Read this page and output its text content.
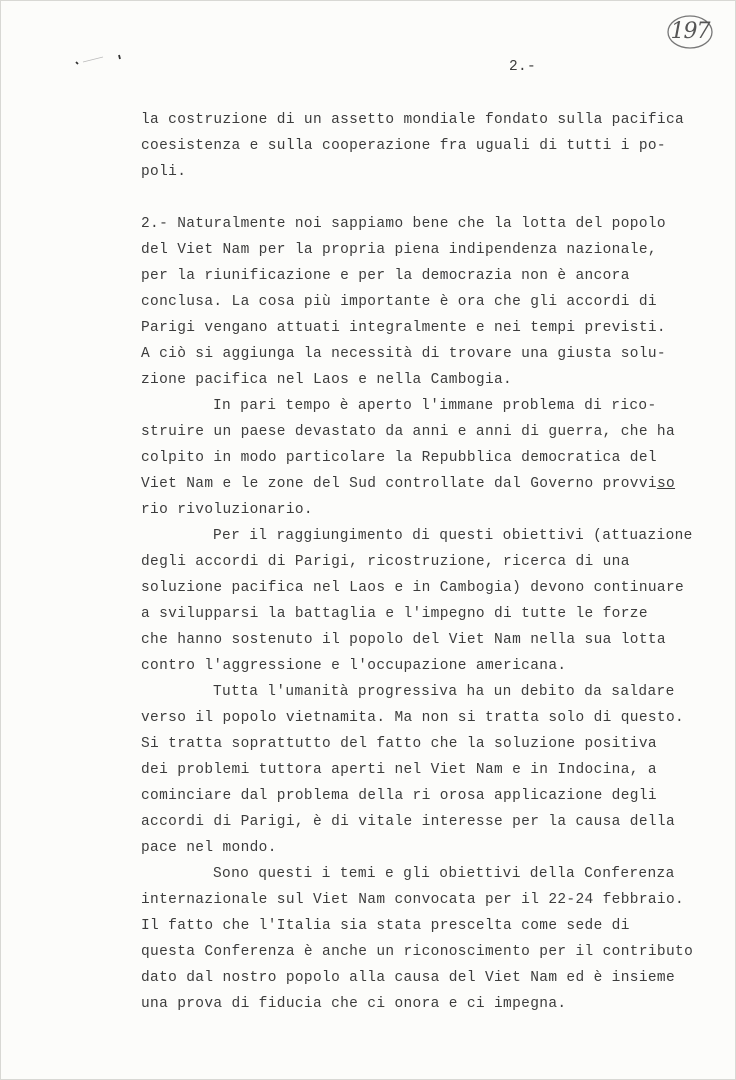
197
2.-
la costruzione di un assetto mondiale fondato sulla pacifica
coesistenza e sulla cooperazione fra uguali di tutti i po-
poli.
2.- Naturalmente noi sappiamo bene che la lotta del popolo
del Viet Nam per la propria piena indipendenza nazionale,
per la riunificazione e per la democrazia non è ancora
conclusa. La cosa più importante è ora che gli accordi di
Parigi vengano attuati integralmente e nei tempi previsti.
A ciò si aggiunga la necessità di trovare una giusta solu-
zione pacifica nel Laos e nella Cambogia.
In pari tempo è aperto l'immane problema di rico-
struire un paese devastato da anni e anni di guerra, che ha
colpito in modo particolare la Repubblica democratica del
Viet Nam e le zone del Sud controllate dal Governo provviso
rio rivoluzionario.
Per il raggiungimento di questi obiettivi (attuazione
degli accordi di Parigi, ricostruzione, ricerca di una
soluzione pacifica nel Laos e in Cambogia) devono continuare
a svilupparsi la battaglia e l'impegno di tutte le forze
che hanno sostenuto il popolo del Viet Nam nella sua lotta
contro l'aggressione e l'occupazione americana.
Tutta l'umanità progressiva ha un debito da saldare
verso il popolo vietnamita. Ma non si tratta solo di questo.
Si tratta soprattutto del fatto che la soluzione positiva
dei problemi tuttora aperti nel Viet Nam e in Indocina, a
cominciare dal problema della ri orosa applicazione degli
accordi di Parigi, è di vitale interesse per la causa della
pace nel mondo.
Sono questi i temi e gli obiettivi della Conferenza
internazionale sul Viet Nam convocata per il 22-24 febbraio.
Il fatto che l'Italia sia stata prescelta come sede di
questa Conferenza è anche un riconoscimento per il contributo
dato dal nostro popolo alla causa del Viet Nam ed è insieme
una prova di fiducia che ci onora e ci impegna.
